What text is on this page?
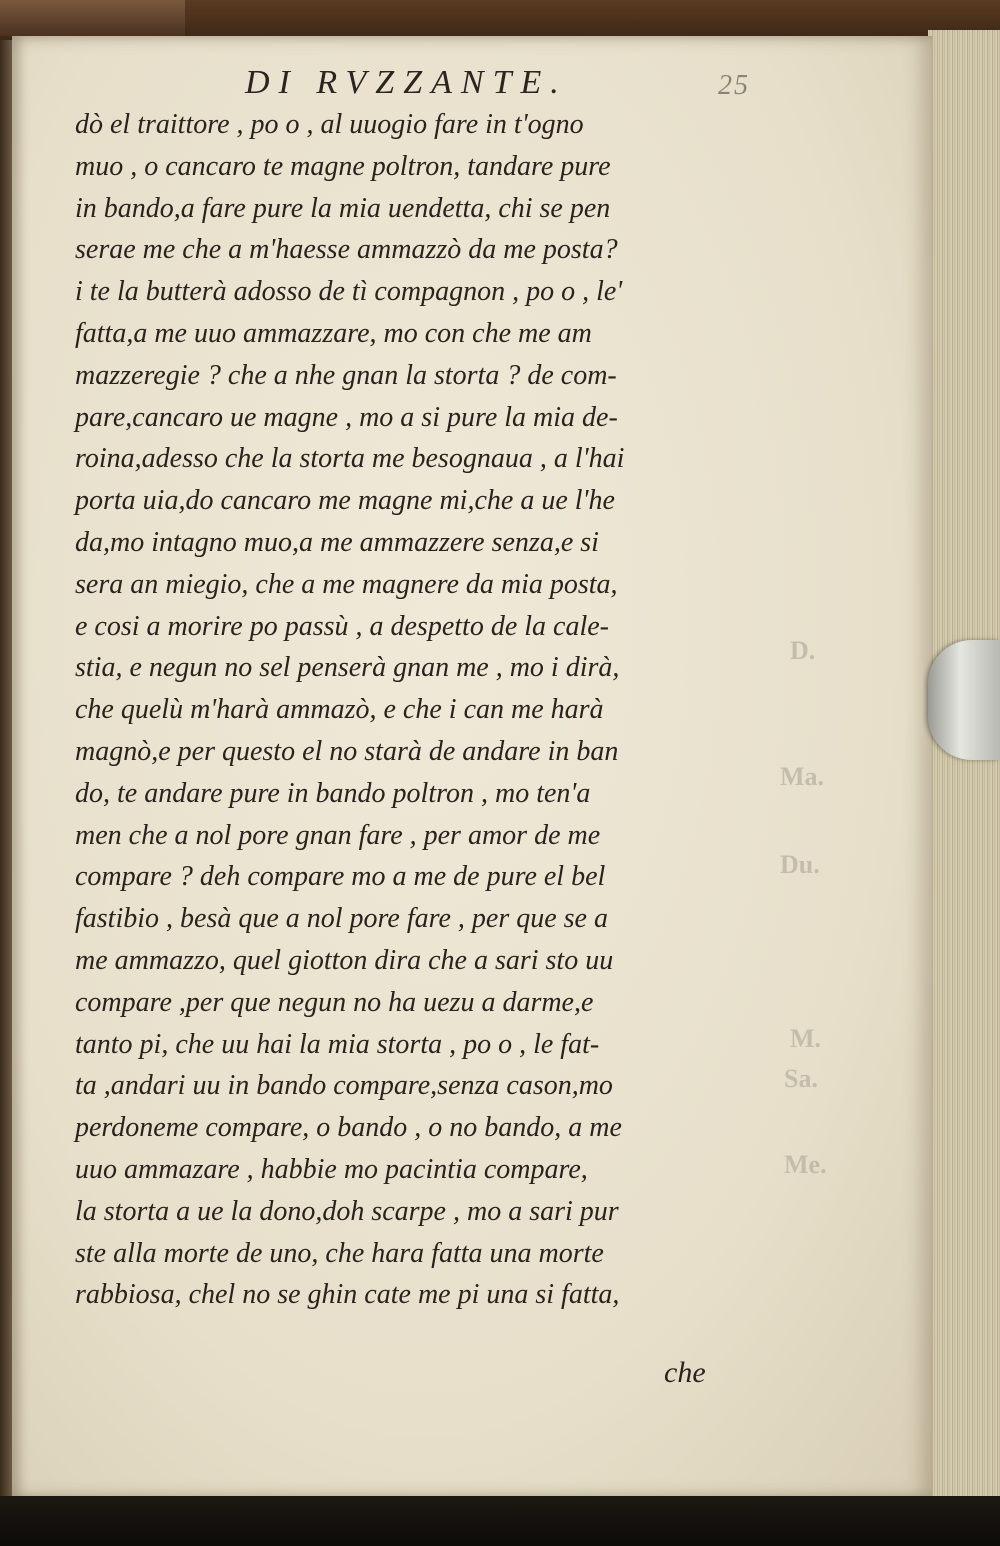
D.
Ma.
Du.
M.
Sa.
Me.

DI RVZZANTE.	25

dò el traittore , po o , al uuogio fare in t'ogno
muo , o cancaro te magne poltron, tandare pure
in bando,a fare pure la mia uendetta, chi se pen
serae me che a m'haesse ammazzò da me posta?
i te la butterà adosso de tì compagnon , po o , le'
fatta,a me uuo ammazzare, mo con che me am
mazzeregie ? che a nhe gnan la storta ? de com-
pare,cancaro ue magne , mo a si pure la mia de-
roina,adesso che la storta me besognaua , a l'hai
porta uia,do cancaro me magne mi,che a ue l'he
da,mo intagno muo,a me ammazzere senza,e si
sera an miegio, che a me magnere da mia posta,
e cosi a morire po passù , a despetto de la cale-
stia, e negun no sel penserà gnan me , mo i dirà,
che quelù m'harà ammazò, e che i can me harà
magnò,e per questo el no starà de andare in ban
do, te andare pure in bando poltron , mo ten'a
men che a nol pore gnan fare , per amor de me
compare ? deh compare mo a me de pure el bel
fastibio , besà que a nol pore fare , per que se a
me ammazzo, quel giotton dira che a sari sto uu
compare ,per que negun no ha uezu a darme,e
tanto pi, che uu hai la mia storta , po o , le fat-
ta ,andari uu in bando compare,senza cason,mo
perdoneme compare, o bando , o no bando, a me
uuo ammazare , habbie mo pacintia compare,
la storta a ue la dono,doh scarpe , mo a sari pur
ste alla morte de uno, che hara fatta una morte
rabbiosa, chel no se ghin cate me pi una si fatta,

che
